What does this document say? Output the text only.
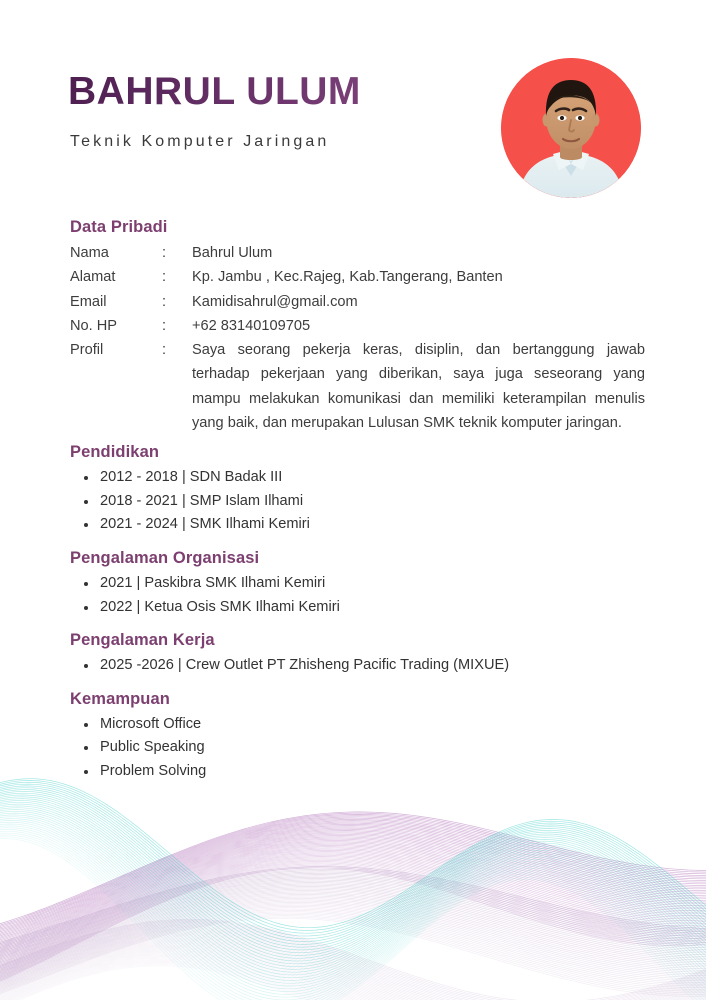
BAHRUL ULUM
Teknik Komputer Jaringan
Data Pribadi
Nama	:	Bahrul Ulum
Alamat	:	Kp. Jambu , Kec.Rajeg, Kab.Tangerang, Banten
Email	:	Kamidisahrul@gmail.com
No. HP	:	+62 83140109705
Profil	:	Saya seorang pekerja keras, disiplin, dan bertanggung jawab terhadap pekerjaan yang diberikan, saya juga seseorang yang mampu melakukan komunikasi dan memiliki keterampilan menulis yang baik, dan merupakan Lulusan SMK teknik komputer jaringan.
Pendidikan
2012 - 2018 | SDN Badak III
2018 - 2021 | SMP Islam Ilhami
2021 - 2024 | SMK Ilhami Kemiri
Pengalaman Organisasi
2021 | Paskibra SMK Ilhami Kemiri
2022 | Ketua Osis SMK Ilhami Kemiri
Pengalaman Kerja
2025 -2026 | Crew Outlet PT Zhisheng Pacific Trading (MIXUE)
Kemampuan
Microsoft Office
Public Speaking
Problem Solving
